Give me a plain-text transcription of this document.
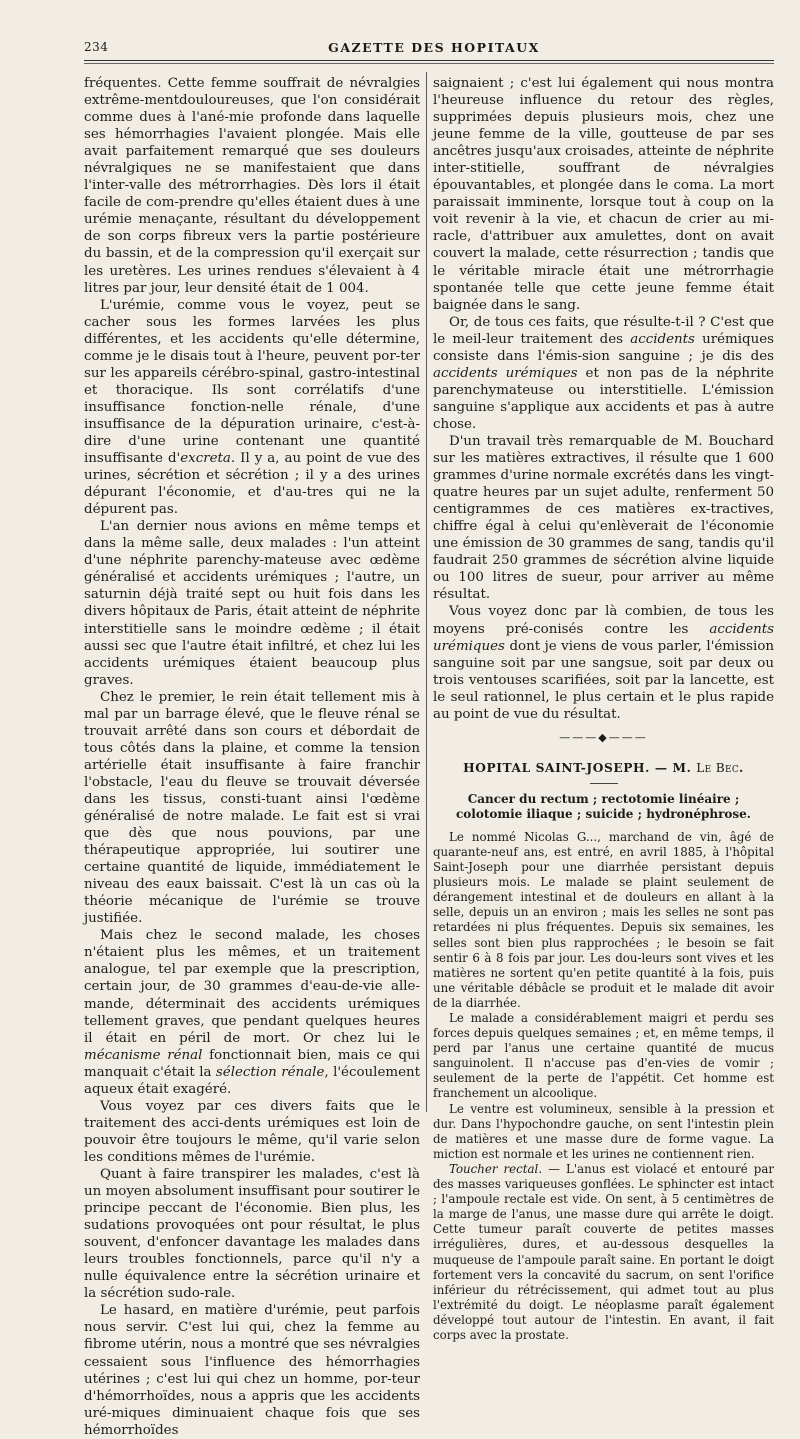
234	GAZETTE DES HOPITAUX

fréquentes. Cette femme souffrait de névralgies extrême-mentdouloureuses, que l'on considérait comme dues à l'ané-mie profonde dans laquelle ses hémorrhagies l'avaient plongée. Mais elle avait parfaitement remarqué que ses douleurs névralgiques ne se manifestaient que dans l'inter-valle des métrorrhagies. Dès lors il était facile de com-prendre qu'elles étaient dues à une urémie menaçante, résultant du développement de son corps fibreux vers la partie postérieure du bassin, et de la compression qu'il exerçait sur les uretères. Les urines rendues s'élevaient à 4 litres par jour, leur densité était de 1 004.

L'urémie, comme vous le voyez, peut se cacher sous les formes larvées les plus différentes, et les accidents qu'elle détermine, comme je le disais tout à l'heure, peuvent por-ter sur les appareils cérébro-spinal, gastro-intestinal et thoracique. Ils sont corrélatifs d'une insuffisance fonction-nelle rénale, d'une insuffisance de la dépuration urinaire, c'est-à-dire d'une urine contenant une quantité insuffisante d'excreta. Il y a, au point de vue des urines, sécrétion et sécrétion ; il y a des urines dépurant l'économie, et d'au-tres qui ne la dépurent pas.

L'an dernier nous avions en même temps et dans la même salle, deux malades : l'un atteint d'une néphrite parenchy-mateuse avec œdème généralisé et accidents urémiques ; l'autre, un saturnin déjà traité sept ou huit fois dans les divers hôpitaux de Paris, était atteint de néphrite interstitielle sans le moindre œdème ; il était aussi sec que l'autre était infiltré, et chez lui les accidents urémiques étaient beaucoup plus graves.

Chez le premier, le rein était tellement mis à mal par un barrage élevé, que le fleuve rénal se trouvait arrêté dans son cours et débordait de tous côtés dans la plaine, et comme la tension artérielle était insuffisante à faire franchir l'obstacle, l'eau du fleuve se trouvait déversée dans les tissus, consti-tuant ainsi l'œdème généralisé de notre malade. Le fait est si vrai que dès que nous pouvions, par une thérapeutique appropriée, lui soutirer une certaine quantité de liquide, immédiatement le niveau des eaux baissait. C'est là un cas où la théorie mécanique de l'urémie se trouve justifiée.

Mais chez le second malade, les choses n'étaient plus les mêmes, et un traitement analogue, tel par exemple que la prescription, certain jour, de 30 grammes d'eau-de-vie alle-mande, déterminait des accidents urémiques tellement graves, que pendant quelques heures il était en péril de mort. Or chez lui le mécanisme rénal fonctionnait bien, mais ce qui manquait c'était la sélection rénale, l'écoulement aqueux était exagéré.

Vous voyez par ces divers faits que le traitement des acci-dents urémiques est loin de pouvoir être toujours le même, qu'il varie selon les conditions mêmes de l'urémie.

Quant à faire transpirer les malades, c'est là un moyen absolument insuffisant pour soutirer le principe peccant de l'économie. Bien plus, les sudations provoquées ont pour résultat, le plus souvent, d'enfoncer davantage les malades dans leurs troubles fonctionnels, parce qu'il n'y a nulle équivalence entre la sécrétion urinaire et la sécrétion sudo-rale.

Le hasard, en matière d'urémie, peut parfois nous servir. C'est lui qui, chez la femme au fibrome utérin, nous a montré que ses névralgies cessaient sous l'influence des hémorrhagies utérines ; c'est lui qui chez un homme, por-teur d'hémorrhoïdes, nous a appris que les accidents uré-miques diminuaient chaque fois que ses hémorrhoïdes

saignaient ; c'est lui également qui nous montra l'heureuse influence du retour des règles, supprimées depuis plusieurs mois, chez une jeune femme de la ville, goutteuse de par ses ancêtres jusqu'aux croisades, atteinte de néphrite inter-stitielle, souffrant de névralgies épouvantables, et plongée dans le coma. La mort paraissait imminente, lorsque tout à coup on la voit revenir à la vie, et chacun de crier au mi-racle, d'attribuer aux amulettes, dont on avait couvert la malade, cette résurrection ; tandis que le véritable miracle était une métrorrhagie spontanée telle que cette jeune femme était baignée dans le sang.

Or, de tous ces faits, que résulte-t-il ? C'est que le meil-leur traitement des accidents urémiques consiste dans l'émis-sion sanguine ; je dis des accidents urémiques et non pas de la néphrite parenchymateuse ou interstitielle. L'émission sanguine s'applique aux accidents et pas à autre chose.

D'un travail très remarquable de M. Bouchard sur les matières extractives, il résulte que 1 600 grammes d'urine normale excrétés dans les vingt-quatre heures par un sujet adulte, renferment 50 centigrammes de ces matières ex-tractives, chiffre égal à celui qu'enlèverait de l'économie une émission de 30 grammes de sang, tandis qu'il faudrait 250 grammes de sécrétion alvine liquide ou 100 litres de sueur, pour arriver au même résultat.

Vous voyez donc par là combien, de tous les moyens pré-conisés contre les accidents urémiques dont je viens de vous parler, l'émission sanguine soit par une sangsue, soit par deux ou trois ventouses scarifiées, soit par la lancette, est le seul rationnel, le plus certain et le plus rapide au point de vue du résultat.

———◆———
HOPITAL SAINT-JOSEPH. — M. Le Bec.
Cancer du rectum ; rectotomie linéaire ; colotomie iliaque ; suicide ; hydronéphrose.

Le nommé Nicolas G..., marchand de vin, âgé de quarante-neuf ans, est entré, en avril 1885, à l'hôpital Saint-Joseph pour une diarrhée persistant depuis plusieurs mois. Le malade se plaint seulement de dérangement intestinal et de douleurs en allant à la selle, depuis un an environ ; mais les selles ne sont pas retardées ni plus fréquentes. Depuis six semaines, les selles sont bien plus rapprochées ; le besoin se fait sentir 6 à 8 fois par jour. Les dou-leurs sont vives et les matières ne sortent qu'en petite quantité à la fois, puis une véritable débâcle se produit et le malade dit avoir de la diarrhée.

Le malade a considérablement maigri et perdu ses forces depuis quelques semaines ; et, en même temps, il perd par l'anus une certaine quantité de mucus sanguinolent. Il n'accuse pas d'en-vies de vomir ; seulement de la perte de l'appétit. Cet homme est franchement un alcoolique.

Le ventre est volumineux, sensible à la pression et dur. Dans l'hypochondre gauche, on sent l'intestin plein de matières et une masse dure de forme vague. La miction est normale et les urines ne contiennent rien.

Toucher rectal. — L'anus est violacé et entouré par des masses variqueuses gonflées. Le sphincter est intact ; l'ampoule rectale est vide. On sent, à 5 centimètres de la marge de l'anus, une masse dure qui arrête le doigt. Cette tumeur paraît couverte de petites masses irrégulières, dures, et au-dessous desquelles la muqueuse de l'ampoule paraît saine. En portant le doigt fortement vers la concavité du sacrum, on sent l'orifice inférieur du rétrécissement, qui admet tout au plus l'extrémité du doigt. Le néoplasme paraît également développé tout autour de l'intestin. En avant, il fait corps avec la prostate.
